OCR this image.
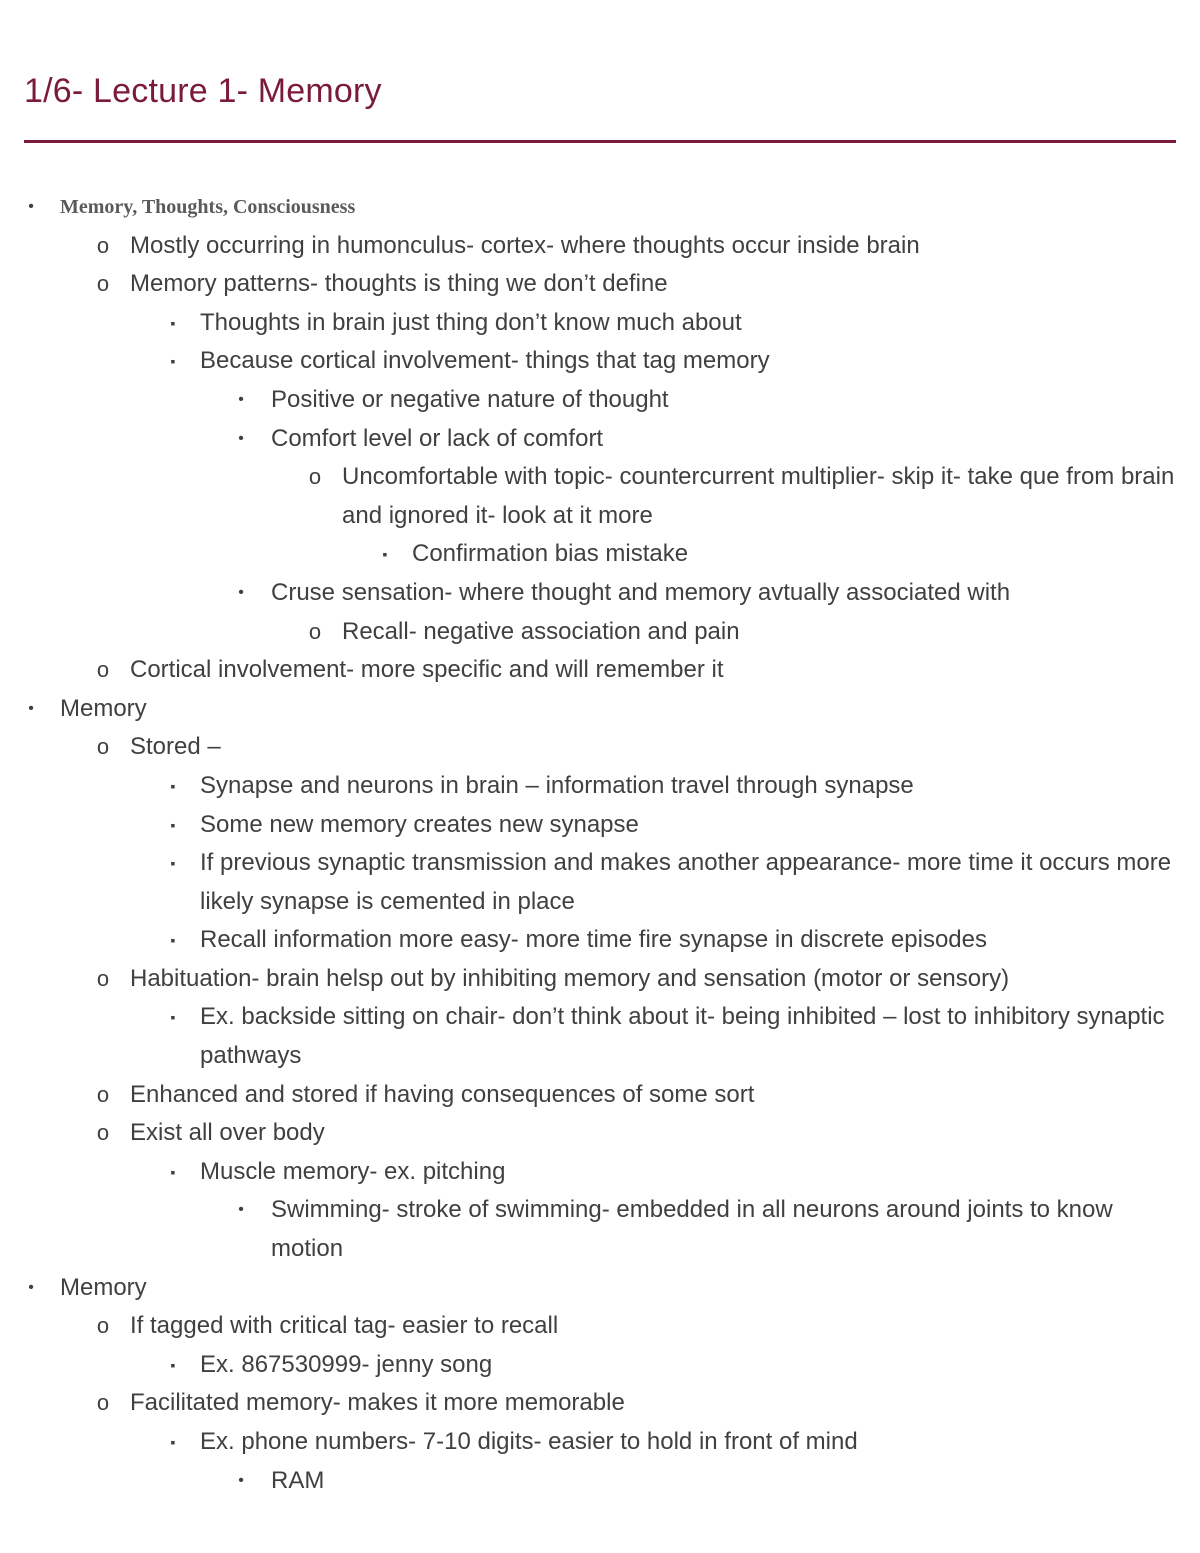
1/6- Lecture 1- Memory
•	Memory, Thoughts, Consciousness
o Mostly occurring in humonculus- cortex- where thoughts occur inside brain
o Memory patterns- thoughts is thing we don’t define
▪	Thoughts in brain just thing don’t know much about
▪	Because cortical involvement- things that tag memory
•	Positive or negative nature of thought
•	Comfort level or lack of comfort
o Uncomfortable with topic- countercurrent multiplier- skip it- take que from brain and ignored it- look at it more
▪	Confirmation bias mistake
•	Cruse sensation- where thought and memory avtually associated with
o Recall- negative association and pain
o Cortical involvement- more specific and will remember it
•	Memory
o Stored –
▪	Synapse and neurons in brain – information travel through synapse
▪	Some new memory creates new synapse
▪	If previous synaptic transmission and makes another appearance- more time it occurs more likely synapse is cemented in place
▪	Recall information more easy- more time fire synapse in discrete episodes
o Habituation- brain helsp out by inhibiting memory and sensation (motor or sensory)
▪	Ex. backside sitting on chair- don’t think about it- being inhibited – lost to inhibitory synaptic pathways
o Enhanced and stored if having consequences of some sort
o Exist all over body
▪	Muscle memory- ex. pitching
•	Swimming- stroke of swimming- embedded in all neurons around joints to know motion
•	Memory
o If tagged with critical tag- easier to recall
▪	Ex. 867530999- jenny song
o Facilitated memory- makes it more memorable
▪	Ex. phone numbers- 7-10 digits- easier to hold in front of mind
•	RAM
